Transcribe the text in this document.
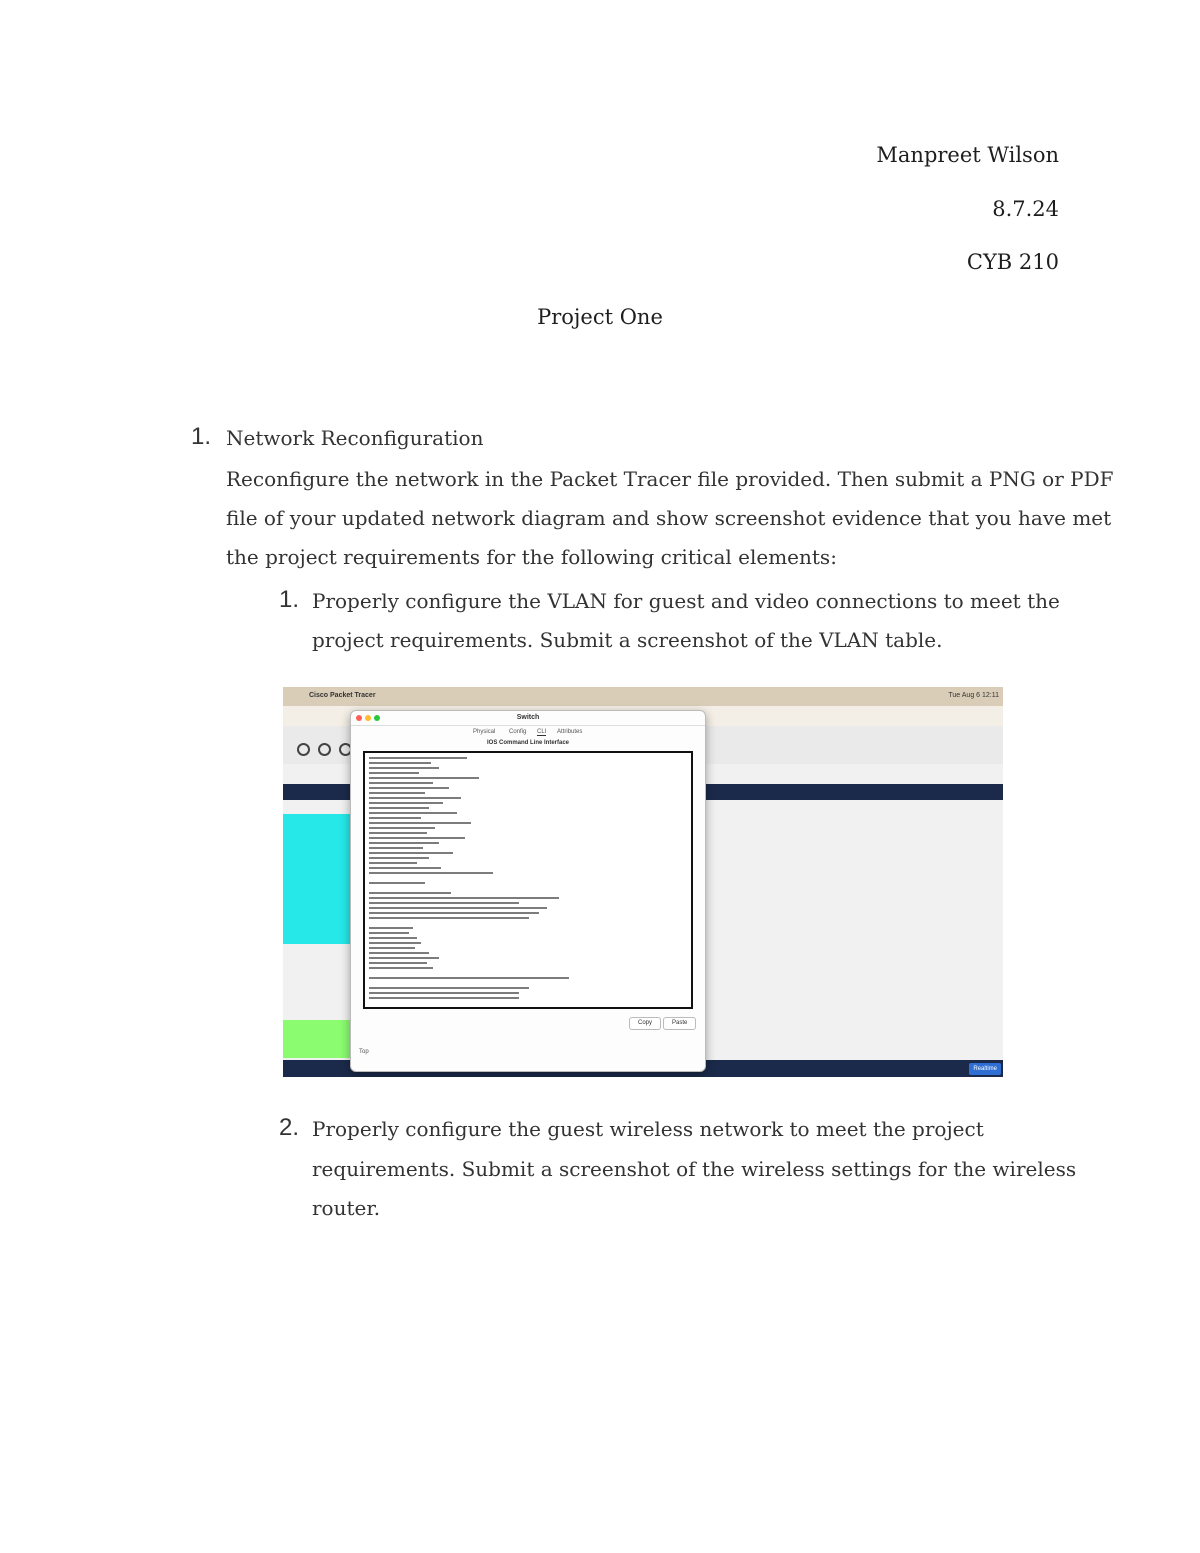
Manpreet Wilson
8.7.24
CYB 210
Project One
1. Network Reconfiguration
Reconfigure the network in the Packet Tracer file provided. Then submit a PNG or PDF
file of your updated network diagram and show screenshot evidence that you have met
the project requirements for the following critical elements:
1. Properly configure the VLAN for guest and video connections to meet the
project requirements. Submit a screenshot of the VLAN table.
Cisco Packet Tracer	Tue Aug 6 12:11
Realtime
Switch
Physical Config CLI Attributes
IOS Command Line Interface
Copy	Paste
Top
2. Properly configure the guest wireless network to meet the project
requirements. Submit a screenshot of the wireless settings for the wireless
router.
